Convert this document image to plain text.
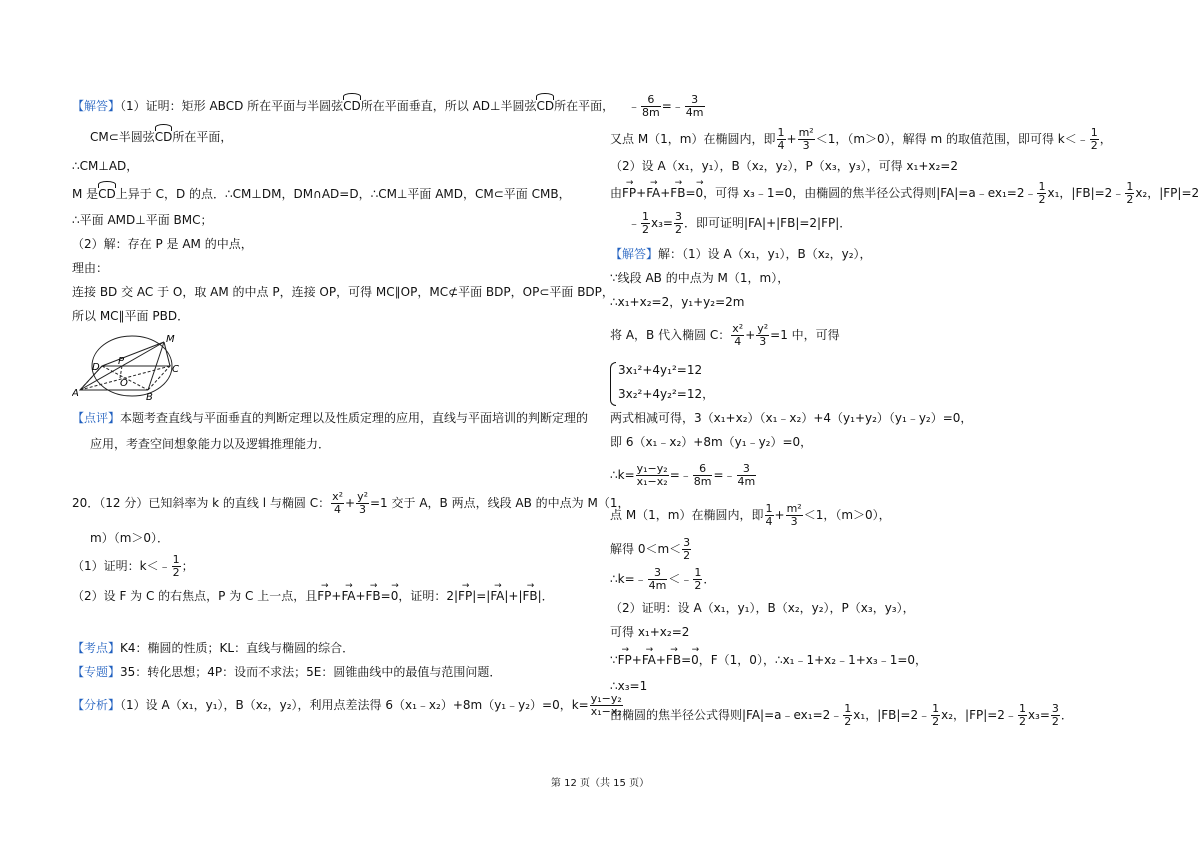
【解答】（1）证明：矩形 ABCD 所在平面与半圆弦CD所在平面垂直，所以 AD⊥半圆弦CD所在平面，
CM⊂半圆弦CD所在平面，
∴CM⊥AD，
M 是CD上异于 C，D 的点．∴CM⊥DM，DM∩AD=D，∴CM⊥平面 AMD，CM⊂平面 CMB，
∴平面 AMD⊥平面 BMC；
（2）解：存在 P 是 AM 的中点，
理由：
连接 BD 交 AC 于 O，取 AM 的中点 P，连接 OP，可得 MC∥OP，MC⊄平面 BDP，OP⊂平面 BDP，
所以 MC∥平面 PBD．
M
D
P
C
O
A	B
【点评】本题考查直线与平面垂直的判断定理以及性质定理的应用，直线与平面培训的判断定理的
应用，考查空间想象能力以及逻辑推理能力．
20．（12 分）已知斜率为 k 的直线 l 与椭圆 C： $\frac{\text{x²}}{4} + \frac{\text{y²}}{3} =1$ 交于 A，B 两点，线段 AB 的中点为 M（1，
m）（m＞0）．
（1）证明：k＜﹣ $\frac{1}{2}$ ；
（2）设 F 为 C 的右焦点，P 为 C 上一点，且→ FP+→ FA+→ FB=→ 0，证明：2|→ FP|=|→ FA|+|→ FB|．
【考点】K4：椭圆的性质；KL：直线与椭圆的综合．
【专题】35：转化思想；4P：设而不求法；5E：圆锥曲线中的最值与范围问题．
【分析】（1）设 A（x₁，y₁），B（x₂，y₂），利用点差法得 6（x₁﹣x₂）+8m（y₁﹣y₂）=0，$k= \frac{\text{y₁−y₂}}{\text{x₁−x₂}}$
﹣ $\frac{6}{8m}$ =﹣ $\frac{3}{4m}$
又点 M（1，m）在椭圆内，即 $\frac{1}{4} + \frac{\text{m²}}{3} <1$，（m＞0），解得 m 的取值范围，即可得 k＜﹣ $\frac{1}{2}$ ，
（2）设 A（x₁，y₁），B（x₂，y₂），P（x₃，y₃），可得 x₁+x₂=2
由→ FP+→ FA+→ FB=→ 0，可得 x₃﹣1=0，由椭圆的焦半径公式得则|FA|=a﹣ex₁=2﹣ $\frac{1}{2} x_1$，|FB|=2﹣ $\frac{1}{2} x_2$，|FP|=2
﹣ $\frac{1}{2} x_3= \frac{3}{2}$ ．即可证明|FA|+|FB|=2|FP|．
【解答】解：（1）设 A（x₁，y₁），B（x₂，y₂），
∵线段 AB 的中点为 M（1，m），
∴x₁+x₂=2，y₁+y₂=2m
将 A，B 代入椭圆 C： $\frac{\text{x²}}{4} + \frac{\text{y²}}{3} =1$ 中，可得
3x₁²+4y₁²=12
3x₂²+4y₂²=12，
两式相减可得，3（x₁+x₂）（x₁﹣x₂）+4（y₁+y₂）（y₁﹣y₂）=0，
即 6（x₁﹣x₂）+8m（y₁﹣y₂）=0，
∴k= $\frac{\text{y₁−y₂}}{\text{x₁−x₂}}$ =﹣ $\frac{6}{8m}$ =﹣ $\frac{3}{4m}$
点 M（1，m）在椭圆内，即 $\frac{1}{4} + \frac{\text{m²}}{3} <1$，（m＞0），
解得 $0<m< \frac{3}{2}$
∴k=﹣ $\frac{3}{4m}$ ＜﹣ $\frac{1}{2}$ ．
（2）证明：设 A（x₁，y₁），B（x₂，y₂），P（x₃，y₃），
可得 x₁+x₂=2
∵→ FP+→ FA+→ FB=→ 0，F（1，0），∴x₁﹣1+x₂﹣1+x₃﹣1=0，
∴x₃=1
由椭圆的焦半径公式得则|FA|=a﹣ex₁=2﹣ $\frac{1}{2} x_1$，|FB|=2﹣ $\frac{1}{2} x_2$，|FP|=2﹣ $\frac{1}{2} x_3= \frac{3}{2}$ ．
第 12 页（共 15 页）
